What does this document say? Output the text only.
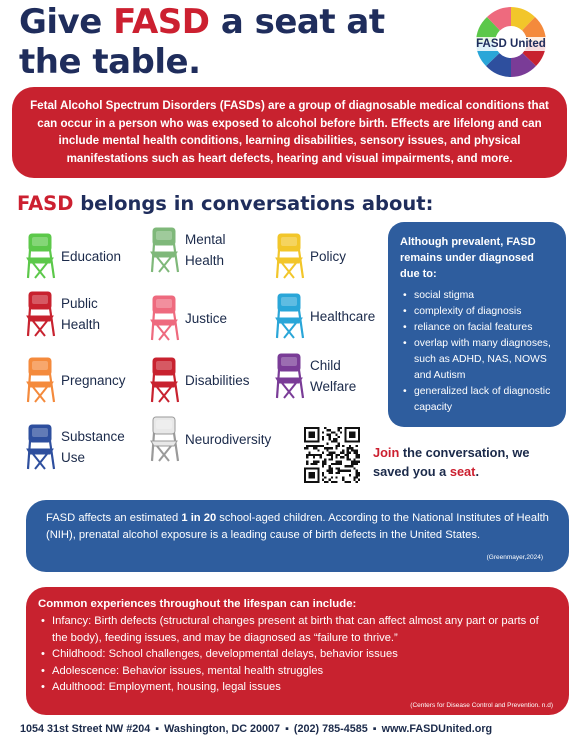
Give FASD a seat at the table.	FASD United
Fetal Alcohol Spectrum Disorders (FASDs) are a group of diagnosable medical conditions that can occur in a person who was exposed to alcohol before birth. Effects are lifelong and can include mental health conditions, learning disabilities, sensory issues, and physical manifestations such as heart defects, hearing and visual impairments, and more.
FASD belongs in conversations about:
Education
Mental Health	Policy
Public Health	Justice	Healthcare
Pregnancy	Disabilities
Child Welfare
Substance Use
Neurodiversity
Although prevalent, FASD remains under diagnosed due to:
• social stigma
• complexity of diagnosis
• reliance on facial features
• overlap with many diagnoses, such as ADHD, NAS, NOWS and Autism
• generalized lack of diagnostic capacity
Join the conversation, we saved you a seat.
FASD affects an estimated 1 in 20 school-aged children. According to the National Institutes of Health (NIH), prenatal alcohol exposure is a leading cause of birth defects in the United States.
(Greenmayer,2024)
Common experiences throughout the lifespan can include:
• Infancy: Birth defects (structural changes present at birth that can affect almost any part or parts of the body), feeding issues, and may be diagnosed as “failure to thrive.”
• Childhood: School challenges, developmental delays, behavior issues
• Adolescence: Behavior issues, mental health struggles
• Adulthood: Employment, housing, legal issues
(Centers for Disease Control and Prevention. n.d)
1054 31st Street NW #204 ▪ Washington, DC 20007 ▪ (202) 785-4585 ▪ www.FASDUnited.org
